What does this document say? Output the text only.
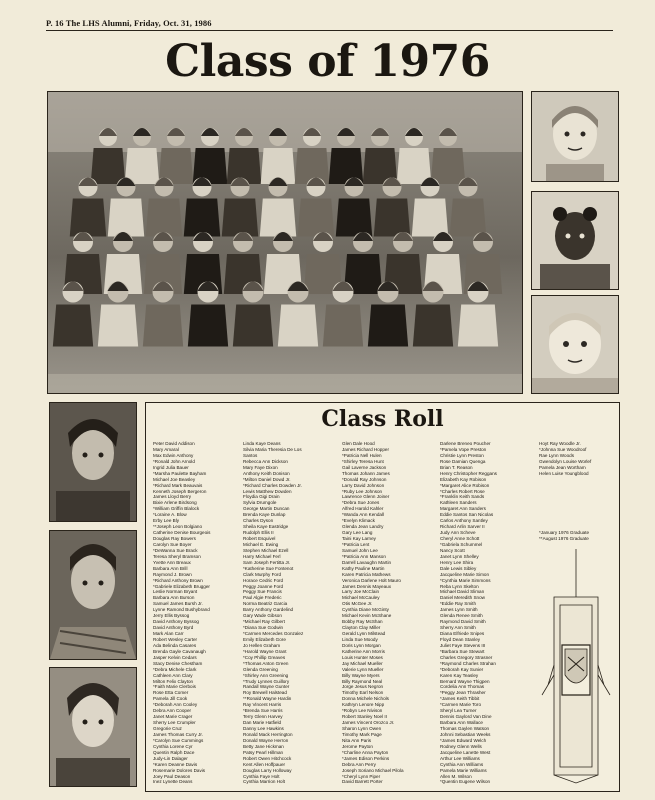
P. 16 The LHS Alumni, Friday, Oct. 31, 1986
Class of 1976
Class Roll
Peter David Addison
Mary Amaral
Max Edwin Anthony
*Ronald John Arnold
Ingrid Julia Bauer
*Marsha Paulette Bayham
Michael Joe Beasley
*Richard Mark Beauvais
Kenneth Joseph Bergeron
James Lloyd Berry
Bixie Arlene Birdsong
*William Griffin Blalock
*Loraine A. Blow
Erby Lee Bly
**Joseph Leon Bolgiano
Catherine Denise Bourgeois
Douglas Ray Bowers
Carolyn Sue Boyer
*DeWanna Sue Brack
Teresa Sheryl Bramson
Yvette Ann Breaux
Barbara Ann Brill
Raymond J. Brown
*Richard Anthony Brown
*Gabriele Elizabeth Brugger
Leslie Norman Bryant
Barbara Ann Burson
Samuel James Bursh Jr.
Lynne Ramond Bushybrand
Jerry Ellis Byssog
David Anthony Byssog
David Anthony Byrd
Mark Alan Carr
Robert Wesley Carter
Ada Belinda Casares
Brenda Gayle Cavanaugh
Jasper Kelvin Cedars
Stacy Denise Chestham
*Debra Michele Clark
Cathleen Ann Clary
Milton Felix Clayton
*Faith Marie Clerbois
Rose Etta Comer
Pamela Jill Cook
*Deborah Ann Cooley
Debra Ann Cooper
Janet Marie Crager
Sherry Lee Crumpler
Gregorie Cruz
James Thomas Curry Jr.
*Carolyn Sue Cummings
Cynthia Lorene Cyr
Quentin Ralph Dace
Judy-Lin Dalager
*Karen Deanne Davis
Rosemarie Dolores Davis
Joey Paul Deason
Inez Lynette Deans
Linda Kaye Deans
Silvia Maria Theresia De Los
Santos
Rebecca Ann Dickson
Mary Faye Dixon
Anthony Keith Donison
*Milton Daniel Dowd Jr.
*Richard Charles Dowden Jr.
Lewis Matthew Dowden
Floydia Gigi Drain
Sylvia Drumgole
George Martin Duncan
Brenda Kaye Dunlap
Charles Dyson
Sheila Kaye Eastridge
Rudolph Ellis II
Robert Esquivel
Michael E. Ewing
Stephen Michael Ezell
Harry Michael Ferl
Sam Joseph Fertitta Jr.
*Katherine Sue Fontenot
Clark Murphy Ford
Horace Cedric Ford
Peggy Joanne Ford
Peggy Sue Francis
Paul Algie Frederic
Norma Beatriz Garcia
Barry Anthony Gardelind
Gary Wade Gibson
*Michael Ray Gilbert
*Diana Sue Godwin
*Carmen Mercedes Gonzalez
Emily Elizabeth Gore
Jo Hellen Graham
*Harold Wayne Grant
*Coy Phillip Greaves
*Thomas Anton Green
Glenda Greening
*Shirley Ann Greening
*Trudy Lynnes Guillory
Randall Wayne Gunter
Roy Brewell Halstead
**Ronald Wayne Hardin
Ray Vincent Harris
*Brenda Sue Harris
Terry Glenn Harvey
Dan Marie Hatfield
Danny Lee Hawkins
Ronald Mack Herrington
Donald Wayne Herron
Betty Jane Hickman
Patsy Pearl Hillman
Robert Owen Hitchcock
Kent Allen Hoffpauer
Douglas Larry Holloway
Cynthia Faye Holt
Cynthia Marrion Holt
Glen Dale Hood
James Richard Hopper
*Patricia Nell Hulen
*Shirley Teresa Hunt
Gail Laverne Jackson
Thomas Johann James
*Donald Ray Johnson
Larry David Johnson
*Ruby Lee Johnson
Lawrence Glenn Joiner
*Debra Sue Jones
Alfred Harold Kahler
*Wanda Ann Kendall
*Evelyn Klimack
Glenda Jean Landry
Gary Lee Lang
Taini Kay Larney
*Patricia Lent
Samuel John Lee
*Patricia Ann Manson
Darrell Lavaughn Martin
Kathy Pauline Martin
Karen Patricia Mathews
Veronica Darlene Holt Mauro
James Dennis Mayeaux
Larry Joe McClain
Michael McCauley
Otis McGee Jr.
Cynthia Diane McGinty
Michael Kevin McShane
Bobby Ray McShan
Clayton Clay Miller
Gerald Lynn Milstead
Linda Sue Moody
Doris Lynn Morgan
Katherine Ann Morris
Louis Hunter Moses
Jay Michael Mueller
Valerie Lynn Mueller
Billy Wayne Myers
Billy Raymond Neal
Jorge Jesus Negron
Timothy Earl Nelson
Donna Michele Nichols
Kathryn Lenore Nipp
*Robyn Lee Nivison
Robert Stanley Noel II
James Vincent Orozco Jr.
Sharon Lynn Owen
Timothy Mark Page
Nita Ann Paris
Jerome Payton
*Charline Anna Payton
*James Edison Perkins
Debra Ann Perry
Joseph Soriano Michael Pilola
*Cheryl Lynn Piper
David Barrett Porter
Darlene Breneo Poucher
*Pamela Vope Preston
Christie Lynn Preston
Rose Damian Quenga
Brian T. Reason
Henry Christopher Reggans
Elizabeth Kay Robison
*Margaret Alice Robison
*Charles Robert Rose
*Franklin Keith Sands
Kathleen Sanders
Margaret Ann Sanders
Eddie Santos San Nicolas
Carlos Anthony Santley
Richard Arlin Sarver II
Judy Ann Scheve
Cheryl Anne Schott
*Gabriela Schummel
Nancy Scott
Janet Lynn Shelley
Henry Lee Shira
Dale Lewis Sibley
Jacqueline Marie Simon
*Cynthia Marie Simmons
Reba Lynn Skelton
Michael David Sliman
Daniel Meredith Snow
*Eddie Ray Smith
James Lynn Smith
Glenda Renee Smith
Raymond David Smith
Sherry Ann Smith
Diana Elfriede Snipes
Floyd Dean Stanley
Juliet Faye Stevens III
*Barbara Sue Stewart
Charles Gregory Strasner
*Raymond Charles Strahan
*Deborah Kay Sunier
Karen Kay Teasley
Bernard Wayne Thigpen
Cordelia Ann Thomas
*Peggy Jean Thrasher
*James Keith Tibbit
*Carmen Marie Toro
Sheryl Lea Turner
Dennis Gaylord Van Dine
Barbara Ann Wallace
Thomas Gaylen Watson
Johnni Sebastian Weeks
*James Edward Welch
Rodney Glenn Wells
Jacqueline Lanette West
Arthur Lee Williams
Cynthia Ann Williams
Pamela Marie Williams
Allen M. Wilson
*Quentin Eugene Wilson
Hoyt Ray Woodle Jr.
*Johnna Sue Woodroof
Rae Lynn Woods
Gwendolyn Louise Worlef
Pamela Jean Wortham
Helen Luise Youngblood
*January 1976 Graduate
**August 1976 Graduate
